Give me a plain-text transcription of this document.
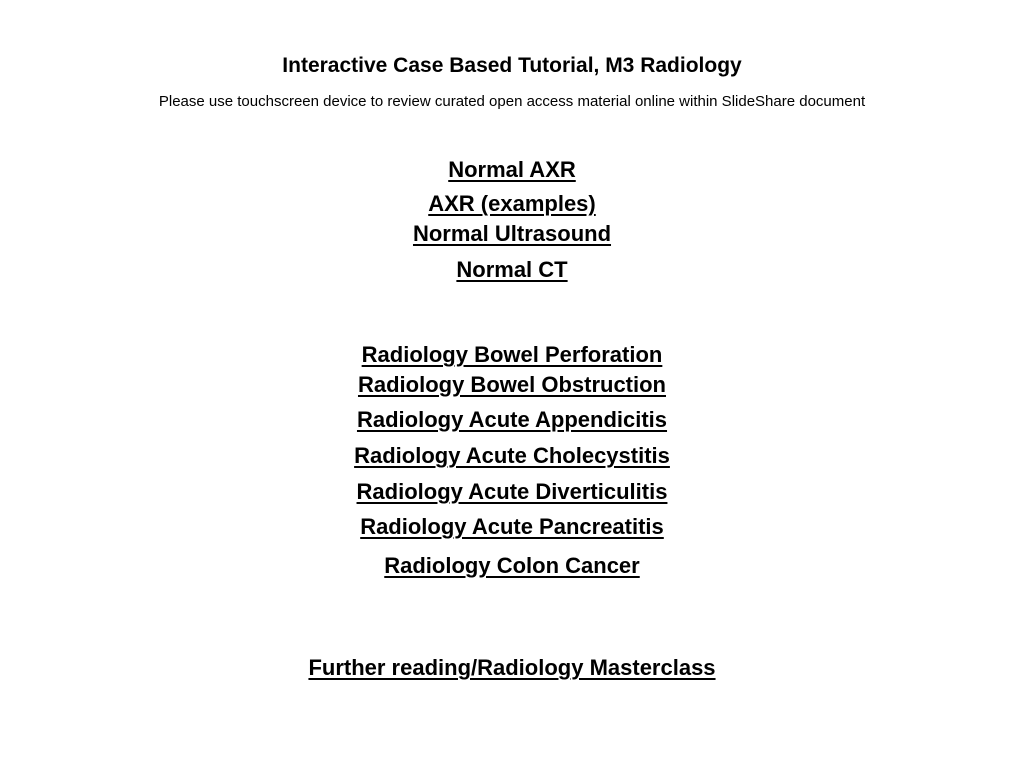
Interactive Case Based Tutorial, M3 Radiology
Please use touchscreen device to review curated open access material online within SlideShare document
Normal AXR
AXR (examples)
Normal Ultrasound
Normal CT
Radiology Bowel Perforation
Radiology Bowel Obstruction
Radiology Acute Appendicitis
Radiology Acute Cholecystitis
Radiology Acute Diverticulitis
Radiology Acute Pancreatitis
Radiology Colon Cancer
Further reading/Radiology Masterclass
